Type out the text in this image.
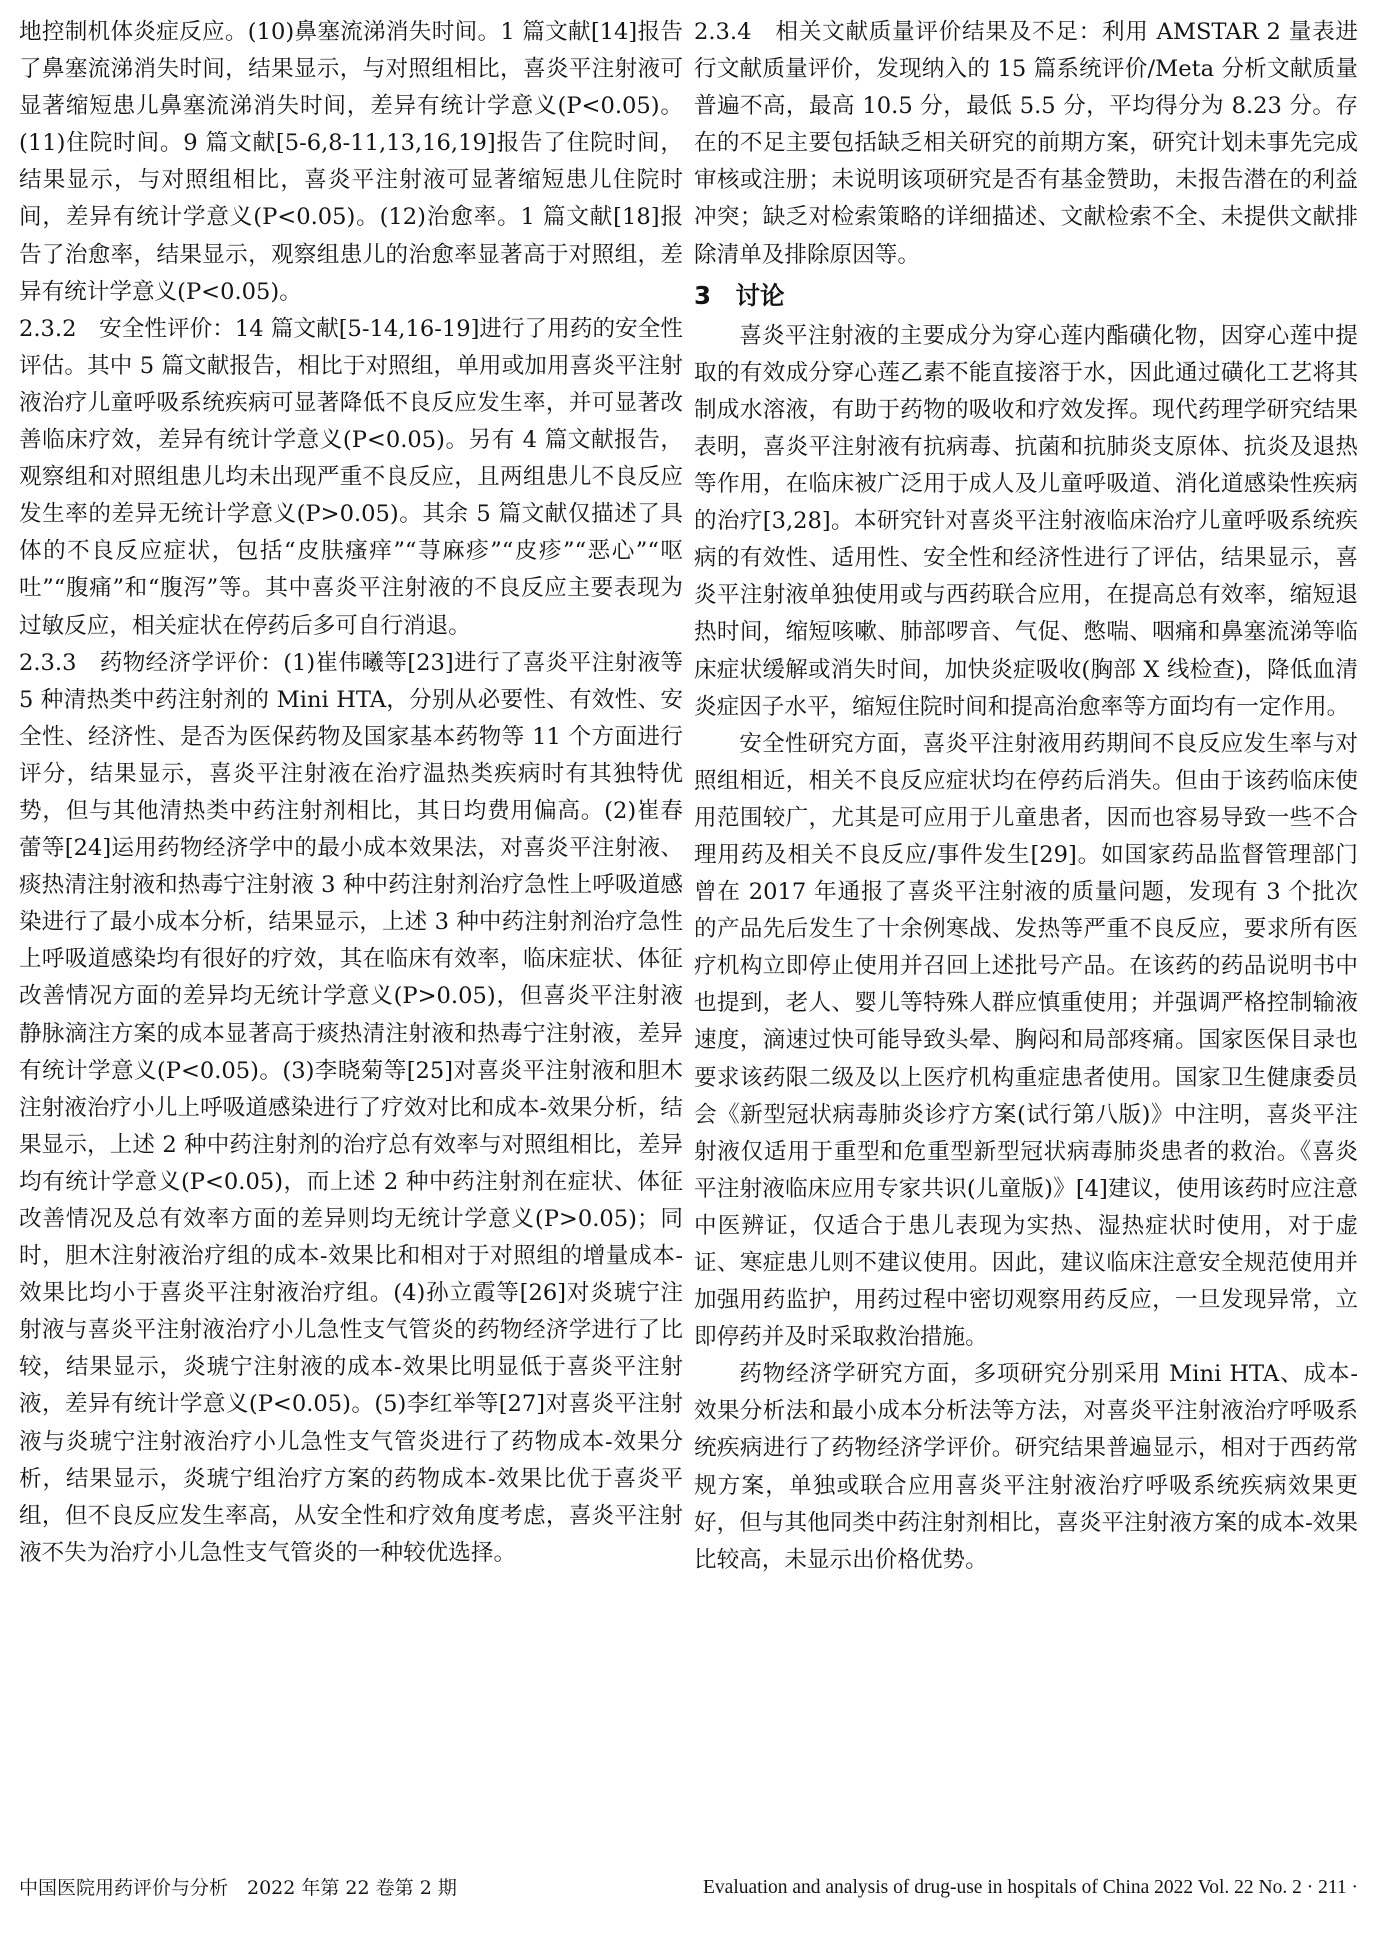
地控制机体炎症反应。(10)鼻塞流涕消失时间。1 篇文献[14]报告了鼻塞流涕消失时间，结果显示，与对照组相比，喜炎平注射液可显著缩短患儿鼻塞流涕消失时间，差异有统计学意义(P<0.05)。(11)住院时间。9 篇文献[5-6,8-11,13,16,19]报告了住院时间，结果显示，与对照组相比，喜炎平注射液可显著缩短患儿住院时间，差异有统计学意义(P<0.05)。(12)治愈率。1 篇文献[18]报告了治愈率，结果显示，观察组患儿的治愈率显著高于对照组，差异有统计学意义(P<0.05)。

2.3.2　安全性评价：14 篇文献[5-14,16-19]进行了用药的安全性评估。其中 5 篇文献报告，相比于对照组，单用或加用喜炎平注射液治疗儿童呼吸系统疾病可显著降低不良反应发生率，并可显著改善临床疗效，差异有统计学意义(P<0.05)。另有 4 篇文献报告，观察组和对照组患儿均未出现严重不良反应，且两组患儿不良反应发生率的差异无统计学意义(P>0.05)。其余 5 篇文献仅描述了具体的不良反应症状，包括“皮肤瘙痒”“荨麻疹”“皮疹”“恶心”“呕吐”“腹痛”和“腹泻”等。其中喜炎平注射液的不良反应主要表现为过敏反应，相关症状在停药后多可自行消退。

2.3.3　药物经济学评价：(1)崔伟曦等[23]进行了喜炎平注射液等 5 种清热类中药注射剂的 Mini HTA，分别从必要性、有效性、安全性、经济性、是否为医保药物及国家基本药物等 11 个方面进行评分，结果显示，喜炎平注射液在治疗温热类疾病时有其独特优势，但与其他清热类中药注射剂相比，其日均费用偏高。(2)崔春蕾等[24]运用药物经济学中的最小成本效果法，对喜炎平注射液、痰热清注射液和热毒宁注射液 3 种中药注射剂治疗急性上呼吸道感染进行了最小成本分析，结果显示，上述 3 种中药注射剂治疗急性上呼吸道感染均有很好的疗效，其在临床有效率，临床症状、体征改善情况方面的差异均无统计学意义(P>0.05)，但喜炎平注射液静脉滴注方案的成本显著高于痰热清注射液和热毒宁注射液，差异有统计学意义(P<0.05)。(3)李晓菊等[25]对喜炎平注射液和胆木注射液治疗小儿上呼吸道感染进行了疗效对比和成本-效果分析，结果显示，上述 2 种中药注射剂的治疗总有效率与对照组相比，差异均有统计学意义(P<0.05)，而上述 2 种中药注射剂在症状、体征改善情况及总有效率方面的差异则均无统计学意义(P>0.05)；同时，胆木注射液治疗组的成本-效果比和相对于对照组的增量成本-效果比均小于喜炎平注射液治疗组。(4)孙立霞等[26]对炎琥宁注射液与喜炎平注射液治疗小儿急性支气管炎的药物经济学进行了比较，结果显示，炎琥宁注射液的成本-效果比明显低于喜炎平注射液，差异有统计学意义(P<0.05)。(5)李红举等[27]对喜炎平注射液与炎琥宁注射液治疗小儿急性支气管炎进行了药物成本-效果分析，结果显示，炎琥宁组治疗方案的药物成本-效果比优于喜炎平组，但不良反应发生率高，从安全性和疗效角度考虑，喜炎平注射液不失为治疗小儿急性支气管炎的一种较优选择。

2.3.4　相关文献质量评价结果及不足：利用 AMSTAR 2 量表进行文献质量评价，发现纳入的 15 篇系统评价/Meta 分析文献质量普遍不高，最高 10.5 分，最低 5.5 分，平均得分为 8.23 分。存在的不足主要包括缺乏相关研究的前期方案，研究计划未事先完成审核或注册；未说明该项研究是否有基金赞助，未报告潜在的利益冲突；缺乏对检索策略的详细描述、文献检索不全、未提供文献排除清单及排除原因等。

3　讨论

喜炎平注射液的主要成分为穿心莲内酯磺化物，因穿心莲中提取的有效成分穿心莲乙素不能直接溶于水，因此通过磺化工艺将其制成水溶液，有助于药物的吸收和疗效发挥。现代药理学研究结果表明，喜炎平注射液有抗病毒、抗菌和抗肺炎支原体、抗炎及退热等作用，在临床被广泛用于成人及儿童呼吸道、消化道感染性疾病的治疗[3,28]。本研究针对喜炎平注射液临床治疗儿童呼吸系统疾病的有效性、适用性、安全性和经济性进行了评估，结果显示，喜炎平注射液单独使用或与西药联合应用，在提高总有效率，缩短退热时间，缩短咳嗽、肺部啰音、气促、憋喘、咽痛和鼻塞流涕等临床症状缓解或消失时间，加快炎症吸收(胸部 X 线检查)，降低血清炎症因子水平，缩短住院时间和提高治愈率等方面均有一定作用。

安全性研究方面，喜炎平注射液用药期间不良反应发生率与对照组相近，相关不良反应症状均在停药后消失。但由于该药临床使用范围较广，尤其是可应用于儿童患者，因而也容易导致一些不合理用药及相关不良反应/事件发生[29]。如国家药品监督管理部门曾在 2017 年通报了喜炎平注射液的质量问题，发现有 3 个批次的产品先后发生了十余例寒战、发热等严重不良反应，要求所有医疗机构立即停止使用并召回上述批号产品。在该药的药品说明书中也提到，老人、婴儿等特殊人群应慎重使用；并强调严格控制输液速度，滴速过快可能导致头晕、胸闷和局部疼痛。国家医保目录也要求该药限二级及以上医疗机构重症患者使用。国家卫生健康委员会《新型冠状病毒肺炎诊疗方案(试行第八版)》中注明，喜炎平注射液仅适用于重型和危重型新型冠状病毒肺炎患者的救治。《喜炎平注射液临床应用专家共识(儿童版)》[4]建议，使用该药时应注意中医辨证，仅适合于患儿表现为实热、湿热症状时使用，对于虚证、寒症患儿则不建议使用。因此，建议临床注意安全规范使用并加强用药监护，用药过程中密切观察用药反应，一旦发现异常，立即停药并及时采取救治措施。

药物经济学研究方面，多项研究分别采用 Mini HTA、成本-效果分析法和最小成本分析法等方法，对喜炎平注射液治疗呼吸系统疾病进行了药物经济学评价。研究结果普遍显示，相对于西药常规方案，单独或联合应用喜炎平注射液治疗呼吸系统疾病效果更好，但与其他同类中药注射剂相比，喜炎平注射液方案的成本-效果比较高，未显示出价格优势。

中国医院用药评价与分析　2022 年第 22 卷第 2 期	Evaluation and analysis of drug-use in hospitals of China 2022 Vol. 22 No. 2 · 211 ·
